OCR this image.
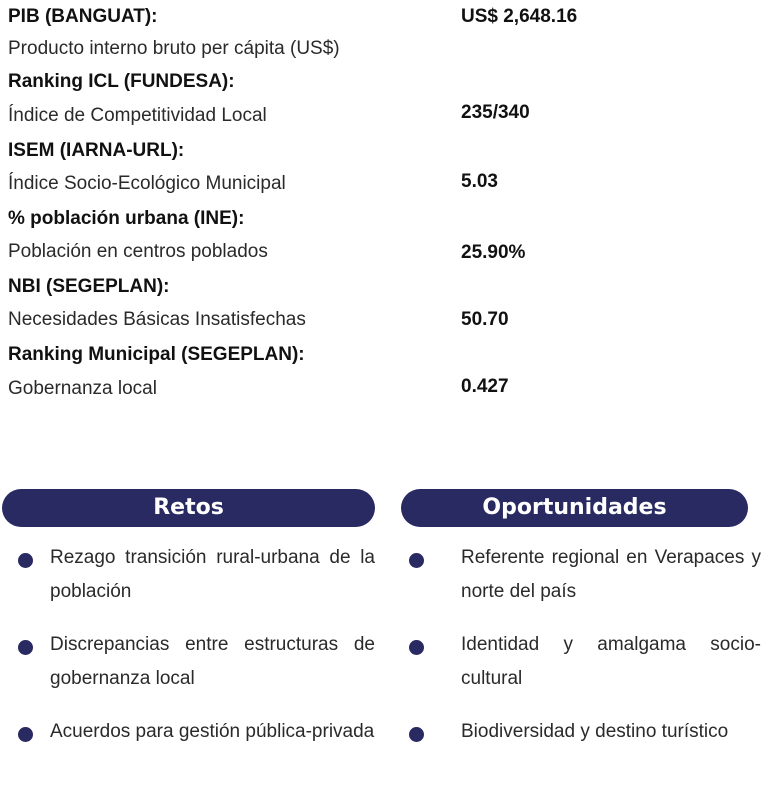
PIB (BANGUAT):	US$ 2,648.16
Producto interno bruto per cápita (US$)
Ranking ICL (FUNDESA):
235/340
Índice de Competitividad Local
ISEM (IARNA-URL):
5.03
Índice Socio-Ecológico Municipal
% población urbana (INE):
25.90%
Población en centros poblados
NBI (SEGEPLAN):
50.70
Necesidades Básicas Insatisfechas
Ranking Municipal (SEGEPLAN):
0.427
Gobernanza local
Retos
Rezago transición rural-urbana de la población
Discrepancias entre estructuras de gobernanza local
Acuerdos para gestión pública-privada
Oportunidades
Referente regional en Verapaces y norte del país
Identidad y amalgama socio-cultural
Biodiversidad y destino turístico
